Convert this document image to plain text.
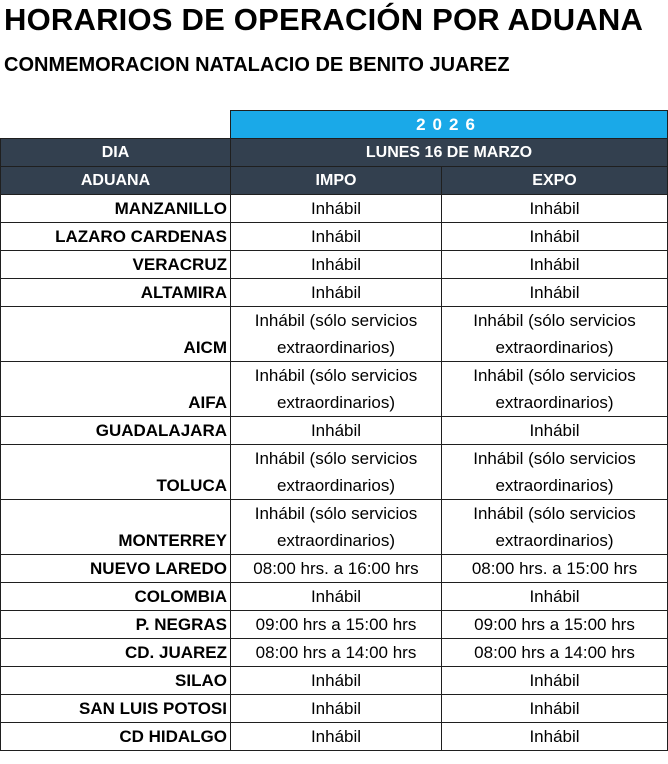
HORARIOS DE OPERACIÓN POR ADUANA
CONMEMORACION NATALACIO DE BENITO JUAREZ
	2026	
DIA	LUNES 16 DE MARZO	
ADUANA	IMPO	EXPO
MANZANILLO	Inhábil	Inhábil
LAZARO CARDENAS	Inhábil	Inhábil
VERACRUZ	Inhábil	Inhábil
ALTAMIRA	Inhábil	Inhábil
AICM	Inhábil (sólo servicios extraordinarios)	Inhábil (sólo servicios extraordinarios)
AIFA	Inhábil (sólo servicios extraordinarios)	Inhábil (sólo servicios extraordinarios)
GUADALAJARA	Inhábil	Inhábil
TOLUCA	Inhábil (sólo servicios extraordinarios)	Inhábil (sólo servicios extraordinarios)
MONTERREY	Inhábil (sólo servicios extraordinarios)	Inhábil (sólo servicios extraordinarios)
NUEVO LAREDO	08:00 hrs. a 16:00 hrs	08:00 hrs. a 15:00 hrs
COLOMBIA	Inhábil	Inhábil
P. NEGRAS	09:00 hrs a 15:00 hrs	09:00 hrs a 15:00 hrs
CD. JUAREZ	08:00 hrs a 14:00 hrs	08:00 hrs a 14:00 hrs
SILAO	Inhábil	Inhábil
SAN LUIS POTOSI	Inhábil	Inhábil
CD HIDALGO	Inhábil	Inhábil
